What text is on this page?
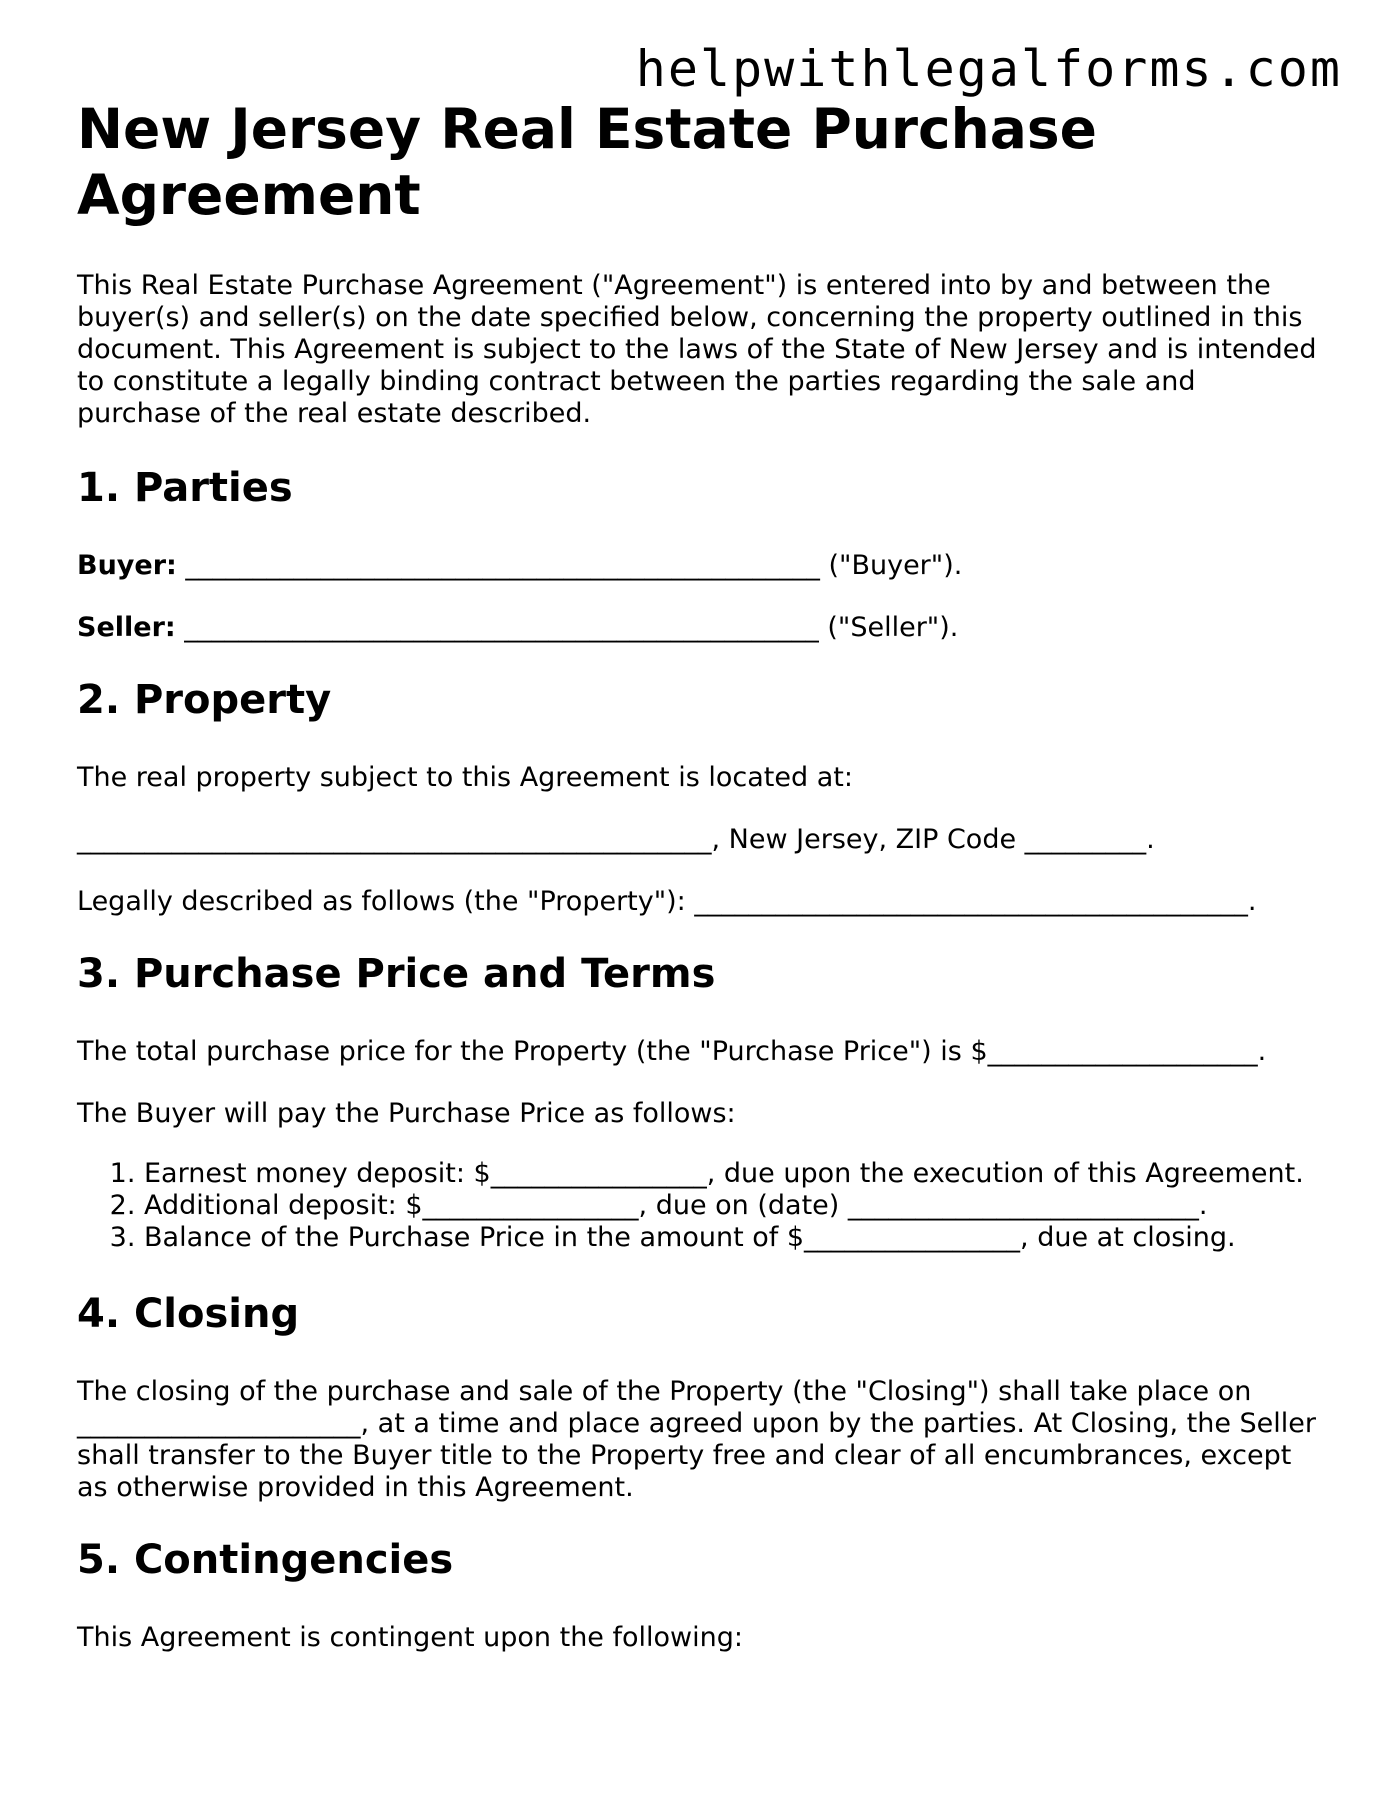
helpwithlegalforms.com
New Jersey Real Estate Purchase Agreement

This Real Estate Purchase Agreement ("Agreement") is entered into by and between the buyer(s) and seller(s) on the date specified below, concerning the property outlined in this document. This Agreement is subject to the laws of the State of New Jersey and is intended to constitute a legally binding contract between the parties regarding the sale and purchase of the real estate described.

1. Parties

Buyer: _______________________________________________ ("Buyer").

Seller: _______________________________________________ ("Seller").

2. Property

The real property subject to this Agreement is located at:

_______________________________________________, New Jersey, ZIP Code _________.

Legally described as follows (the "Property"): _________________________________________.

3. Purchase Price and Terms

The total purchase price for the Property (the "Purchase Price") is $____________________.

The Buyer will pay the Purchase Price as follows:

1. Earnest money deposit: $________________, due upon the execution of this Agreement.
2. Additional deposit: $________________, due on (date) __________________________.
3. Balance of the Purchase Price in the amount of $________________, due at closing.
4. Closing

The closing of the purchase and sale of the Property (the "Closing") shall take place on _____________________, at a time and place agreed upon by the parties. At Closing, the Seller shall transfer to the Buyer title to the Property free and clear of all encumbrances, except as otherwise provided in this Agreement.

5. Contingencies

This Agreement is contingent upon the following:
